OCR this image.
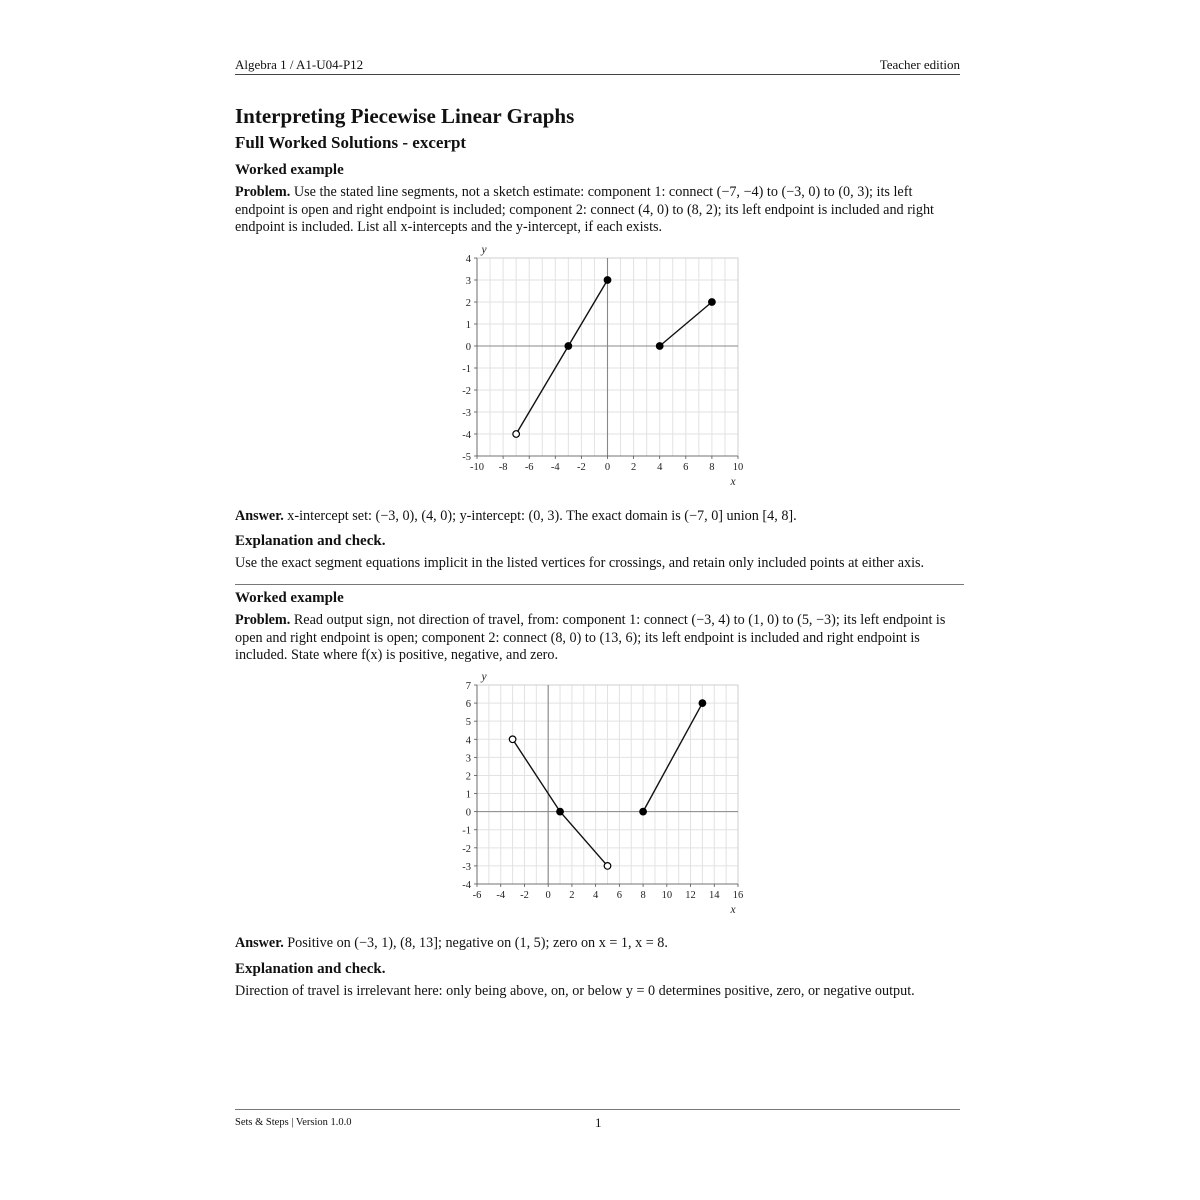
Algebra 1 / A1-U04-P12	Teacher edition
Interpreting Piecewise Linear Graphs
Full Worked Solutions - excerpt
Worked example

Problem. Use the stated line segments, not a sketch estimate: component 1: connect (−7, −4) to (−3, 0) to (0, 3); its left endpoint is open and right endpoint is included; component 2: connect (4, 0) to (8, 2); its left endpoint is included and right endpoint is included. List all x-intercepts and the y-intercept, if each exists.

-5
-4
-3
-2
-1
0
1
2
3
4
-10 -8 -6 -4 -2 0 2 4 6 8 10
x
y

Answer. x-intercept set: (−3, 0), (4, 0); y-intercept: (0, 3). The exact domain is (−7, 0] union [4, 8].

Explanation and check.

Use the exact segment equations implicit in the listed vertices for crossings, and retain only included points at either axis.

Worked example

Problem. Read output sign, not direction of travel, from: component 1: connect (−3, 4) to (1, 0) to (5, −3); its left endpoint is open and right endpoint is open; component 2: connect (8, 0) to (13, 6); its left endpoint is included and right endpoint is included. State where f(x) is positive, negative, and zero.

-4
-3
-2
-1
0
1
2
3
4
5
6
7
-6 -4 -2 0 2 4 6 8 10 12 14 16
x
y

Answer. Positive on (−3, 1), (8, 13]; negative on (1, 5); zero on x = 1, x = 8.

Explanation and check.

Direction of travel is irrelevant here: only being above, on, or below y = 0 determines positive, zero, or negative output.

Sets & Steps | Version 1.0.0	1
